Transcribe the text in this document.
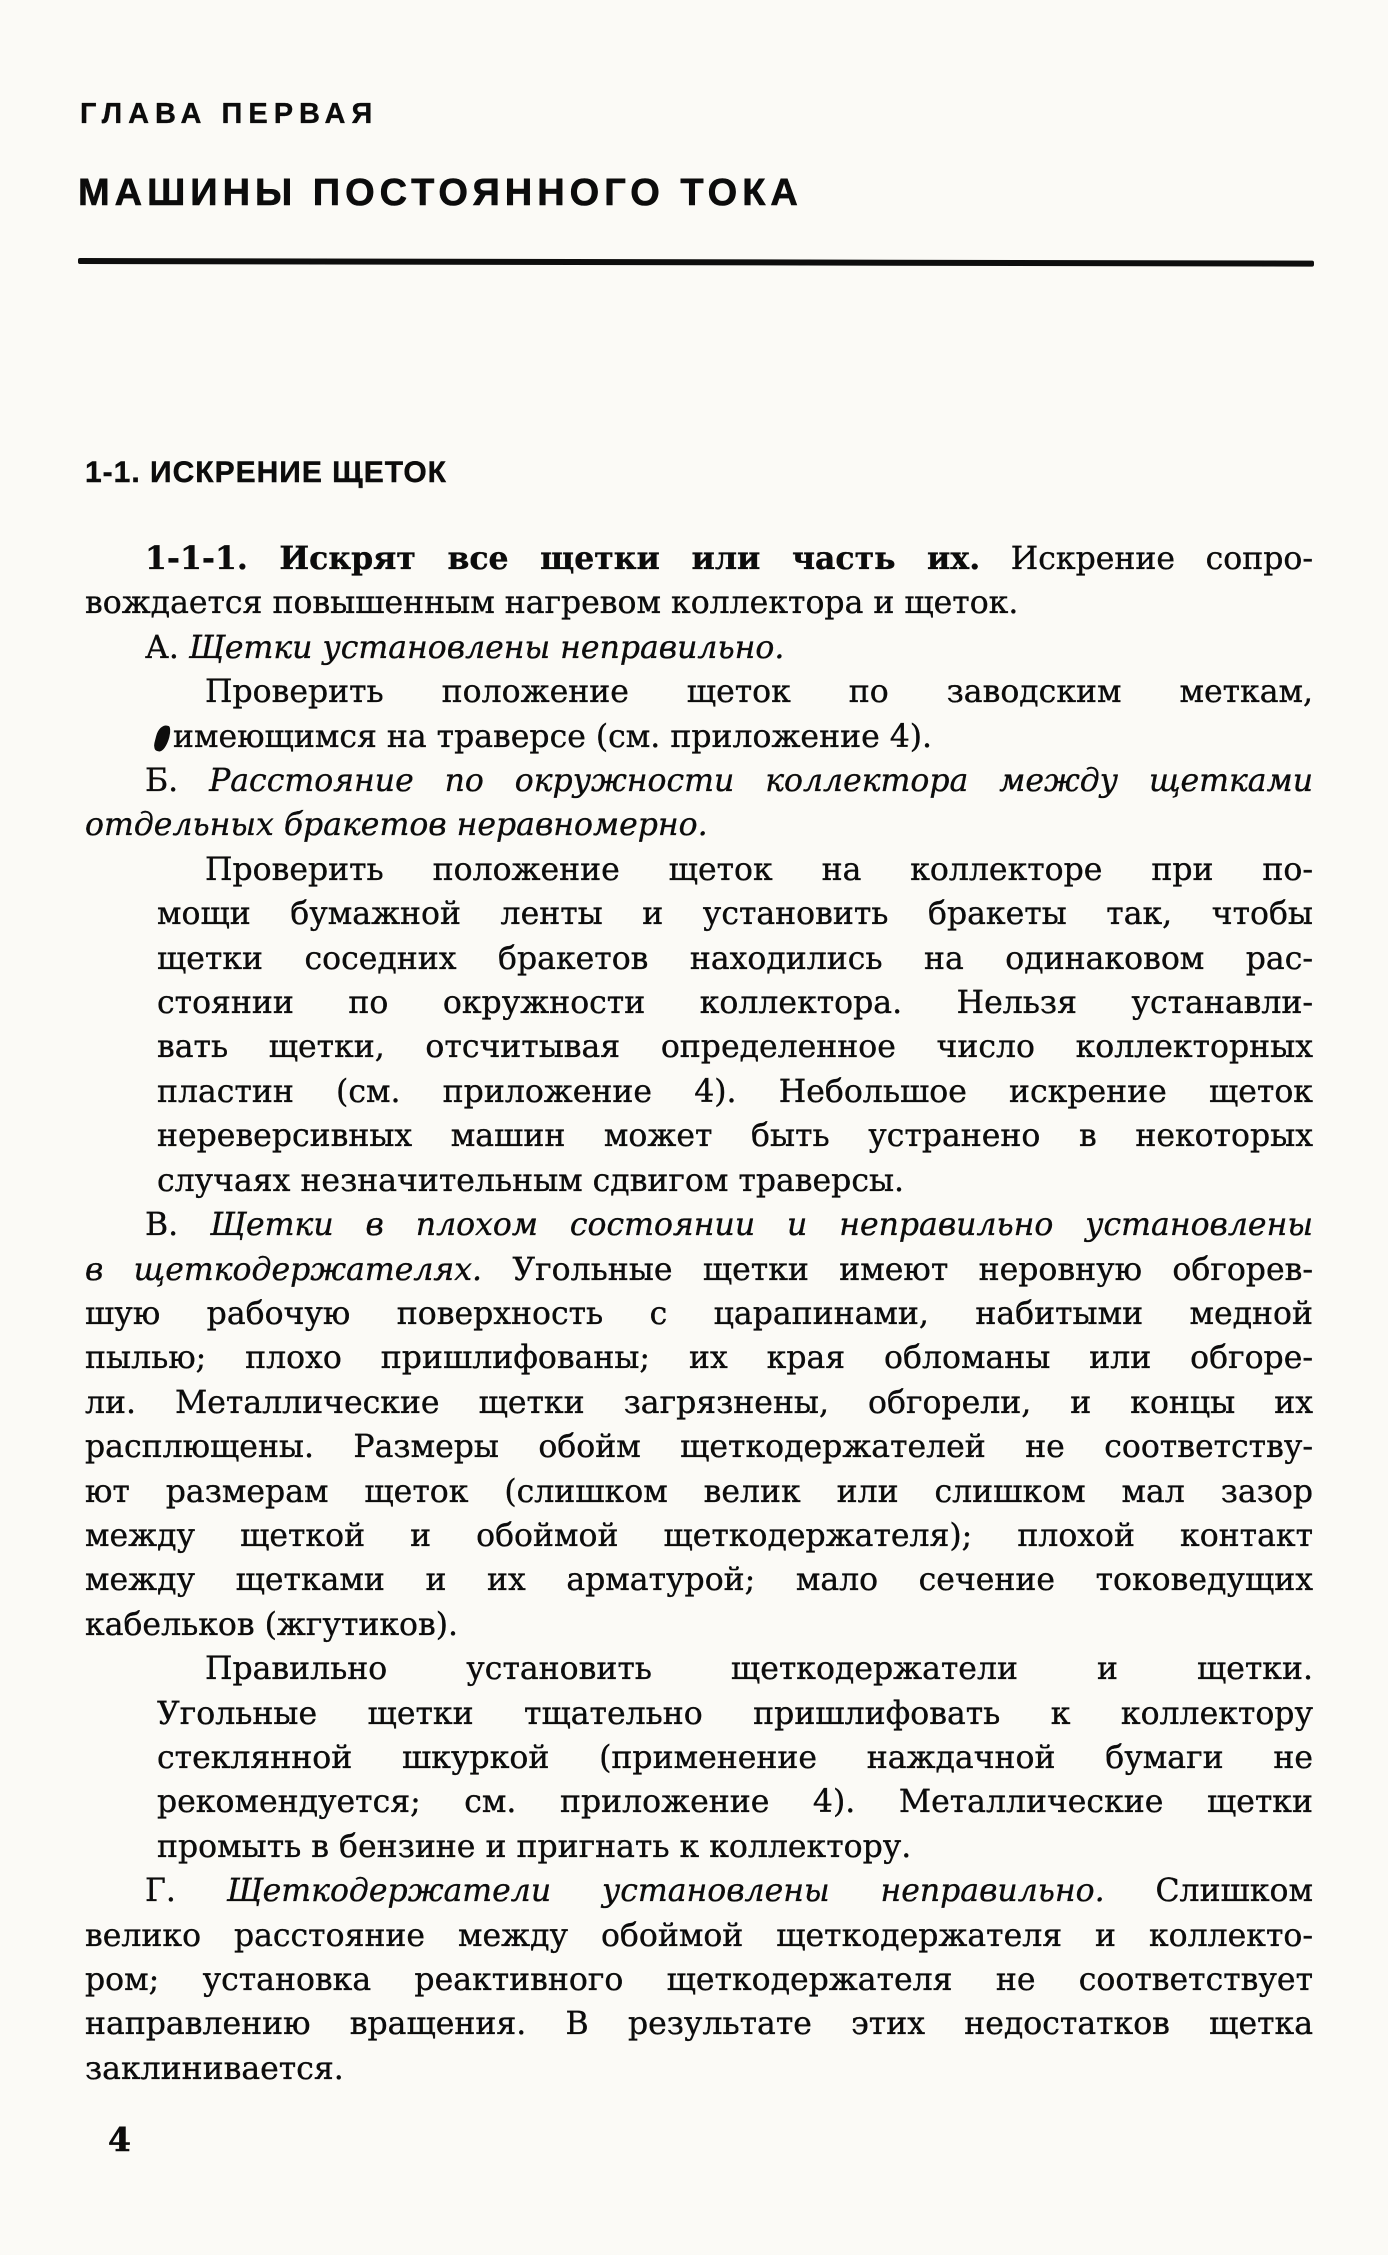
ГЛАВА ПЕРВАЯ
МАШИНЫ ПОСТОЯННОГО ТОКА
1-1. ИСКРЕНИЕ ЩЕТОК
1-1-1. Искрят все щетки или часть их. Искрение сопро-
вождается повышенным нагревом коллектора и щеток.
А. Щетки установлены неправильно.
Проверить положение щеток по заводским меткам,
имеющимся на траверсе (см. приложение 4).
Б. Расстояние по окружности коллектора между щетками
отдельных бракетов неравномерно.
Проверить положение щеток на коллекторе при по-
мощи бумажной ленты и установить бракеты так, чтобы
щетки соседних бракетов находились на одинаковом рас-
стоянии по окружности коллектора. Нельзя устанавли-
вать щетки, отсчитывая определенное число коллекторных
пластин (см. приложение 4). Небольшое искрение щеток
нереверсивных машин может быть устранено в некоторых
случаях незначительным сдвигом траверсы.
В. Щетки в плохом состоянии и неправильно установлены
в щеткодержателях. Угольные щетки имеют неровную обгорев-
шую рабочую поверхность с царапинами, набитыми медной
пылью; плохо пришлифованы; их края обломаны или обгоре-
ли. Металлические щетки загрязнены, обгорели, и концы их
расплющены. Размеры обойм щеткодержателей не соответству-
ют размерам щеток (слишком велик или слишком мал зазор
между щеткой и обоймой щеткодержателя); плохой контакт
между щетками и их арматурой; мало сечение токоведущих
кабельков (жгутиков).
Правильно установить щеткодержатели и щетки.
Угольные щетки тщательно пришлифовать к коллектору
стеклянной шкуркой (применение наждачной бумаги не
рекомендуется; см. приложение 4). Металлические щетки
промыть в бензине и пригнать к коллектору.
Г. Щеткодержатели установлены неправильно. Слишком
велико расстояние между обоймой щеткодержателя и коллекто-
ром; установка реактивного щеткодержателя не соответствует
направлению вращения. В результате этих недостатков щетка
заклинивается.
4
